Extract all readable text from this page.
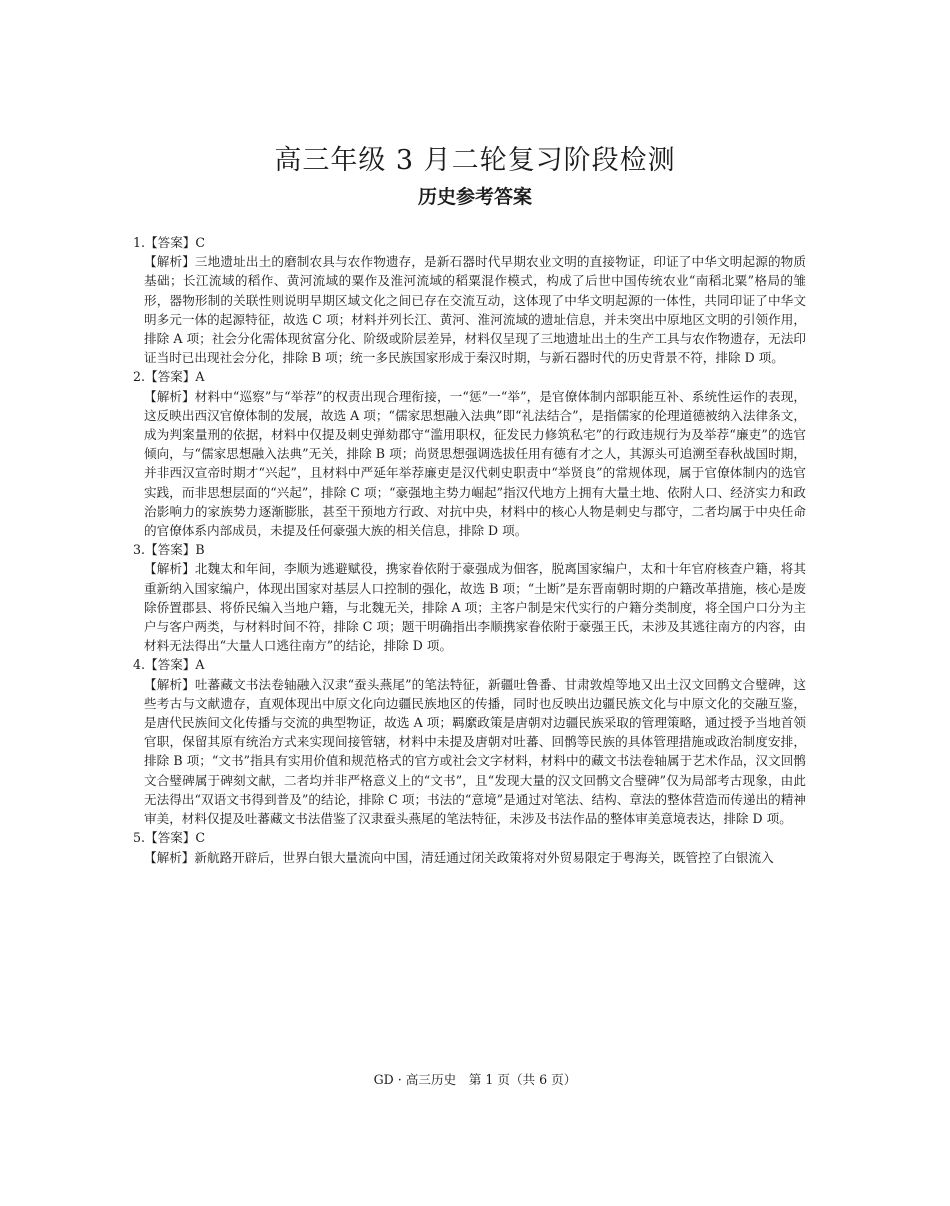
高三年级 3 月二轮复习阶段检测
历史参考答案
1.【答案】C
【解析】三地遗址出土的磨制农具与农作物遗存，是新石器时代早期农业文明的直接物证，印证了中华文明起源的物质基础；长江流域的稻作、黄河流域的粟作及淮河流域的稻粟混作模式，构成了后世中国传统农业“南稻北粟”格局的雏形，器物形制的关联性则说明早期区域文化之间已存在交流互动，这体现了中华文明起源的一体性，共同印证了中华文明多元一体的起源特征，故选 C 项；材料并列长江、黄河、淮河流域的遗址信息，并未突出中原地区文明的引领作用，排除 A 项；社会分化需体现贫富分化、阶级或阶层差异，材料仅呈现了三地遗址出土的生产工具与农作物遗存，无法印证当时已出现社会分化，排除 B 项；统一多民族国家形成于秦汉时期，与新石器时代的历史背景不符，排除 D 项。
2.【答案】A
【解析】材料中“巡察”与“举荐”的权责出现合理衔接，一“惩”一“举”，是官僚体制内部职能互补、系统性运作的表现，这反映出西汉官僚体制的发展，故选 A 项；“儒家思想融入法典”即“礼法结合”，是指儒家的伦理道德被纳入法律条文，成为判案量刑的依据，材料中仅提及刺史弹劾郡守“滥用职权，征发民力修筑私宅”的行政违规行为及举荐“廉吏”的选官倾向，与“儒家思想融入法典”无关，排除 B 项；尚贤思想强调选拔任用有德有才之人，其源头可追溯至春秋战国时期，并非西汉宣帝时期才“兴起”，且材料中严延年举荐廉吏是汉代刺史职责中“举贤良”的常规体现，属于官僚体制内的选官实践，而非思想层面的“兴起”，排除 C 项；“豪强地主势力崛起”指汉代地方上拥有大量土地、依附人口、经济实力和政治影响力的家族势力逐渐膨胀，甚至干预地方行政、对抗中央，材料中的核心人物是刺史与郡守，二者均属于中央任命的官僚体系内部成员，未提及任何豪强大族的相关信息，排除 D 项。
3.【答案】B
【解析】北魏太和年间，李顺为逃避赋役，携家眷依附于豪强成为佃客，脱离国家编户，太和十年官府核查户籍，将其重新纳入国家编户，体现出国家对基层人口控制的强化，故选 B 项；“土断”是东晋南朝时期的户籍改革措施，核心是废除侨置郡县、将侨民编入当地户籍，与北魏无关，排除 A 项；主客户制是宋代实行的户籍分类制度，将全国户口分为主户与客户两类，与材料时间不符，排除 C 项；题干明确指出李顺携家眷依附于豪强王氏，未涉及其逃往南方的内容，由材料无法得出“大量人口逃往南方”的结论，排除 D 项。
4.【答案】A
【解析】吐蕃藏文书法卷轴融入汉隶“蚕头燕尾”的笔法特征，新疆吐鲁番、甘肃敦煌等地又出土汉文回鹘文合璧碑，这些考古与文献遗存，直观体现出中原文化向边疆民族地区的传播，同时也反映出边疆民族文化与中原文化的交融互鉴，是唐代民族间文化传播与交流的典型物证，故选 A 项；羁縻政策是唐朝对边疆民族采取的管理策略，通过授予当地首领官职，保留其原有统治方式来实现间接管辖，材料中未提及唐朝对吐蕃、回鹘等民族的具体管理措施或政治制度安排，排除 B 项；“文书”指具有实用价值和规范格式的官方或社会文字材料，材料中的藏文书法卷轴属于艺术作品，汉文回鹘文合璧碑属于碑刻文献，二者均并非严格意义上的“文书”，且“发现大量的汉文回鹘文合璧碑”仅为局部考古现象，由此无法得出“双语文书得到普及”的结论，排除 C 项；书法的“意境”是通过对笔法、结构、章法的整体营造而传递出的精神审美，材料仅提及吐蕃藏文书法借鉴了汉隶蚕头燕尾的笔法特征，未涉及书法作品的整体审美意境表达，排除 D 项。
5.【答案】C
【解析】新航路开辟后，世界白银大量流向中国，清廷通过闭关政策将对外贸易限定于粤海关，既管控了白银流入
GD · 高三历史　第 1 页（共 6 页）
